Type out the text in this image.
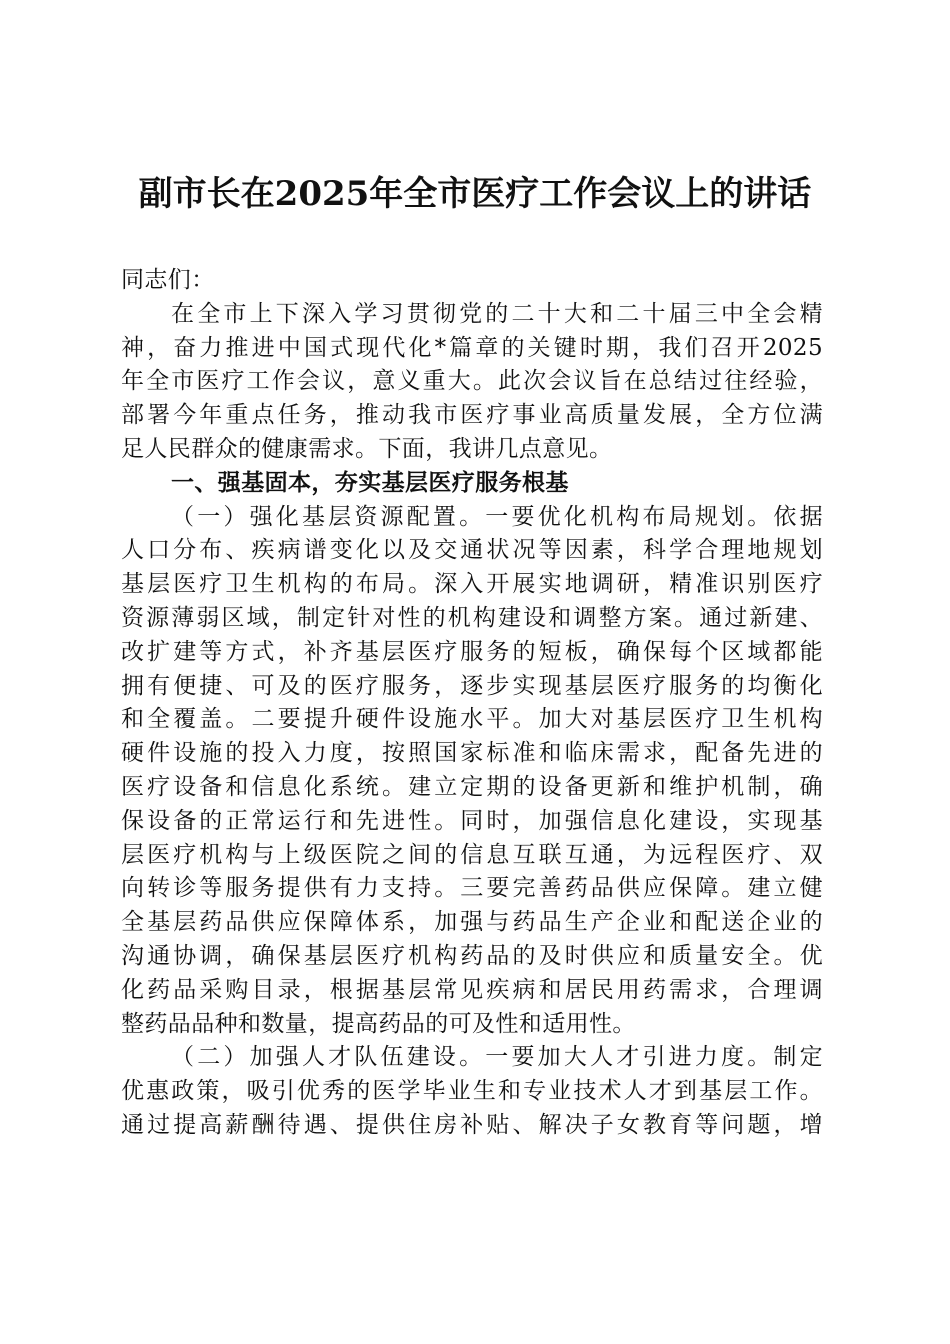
副市长在2025年全市医疗工作会议上的讲话
同志们：
在全市上下深入学习贯彻党的二十大和二十届三中全会精
神，奋力推进中国式现代化*篇章的关键时期，我们召开2025
年全市医疗工作会议，意义重大。此次会议旨在总结过往经验，
部署今年重点任务，推动我市医疗事业高质量发展，全方位满
足人民群众的健康需求。下面，我讲几点意见。
一、强基固本，夯实基层医疗服务根基
（一）强化基层资源配置。一要优化机构布局规划。依据
人口分布、疾病谱变化以及交通状况等因素，科学合理地规划
基层医疗卫生机构的布局。深入开展实地调研，精准识别医疗
资源薄弱区域，制定针对性的机构建设和调整方案。通过新建、
改扩建等方式，补齐基层医疗服务的短板，确保每个区域都能
拥有便捷、可及的医疗服务，逐步实现基层医疗服务的均衡化
和全覆盖。二要提升硬件设施水平。加大对基层医疗卫生机构
硬件设施的投入力度，按照国家标准和临床需求，配备先进的
医疗设备和信息化系统。建立定期的设备更新和维护机制，确
保设备的正常运行和先进性。同时，加强信息化建设，实现基
层医疗机构与上级医院之间的信息互联互通，为远程医疗、双
向转诊等服务提供有力支持。三要完善药品供应保障。建立健
全基层药品供应保障体系，加强与药品生产企业和配送企业的
沟通协调，确保基层医疗机构药品的及时供应和质量安全。优
化药品采购目录，根据基层常见疾病和居民用药需求，合理调
整药品品种和数量，提高药品的可及性和适用性。
（二）加强人才队伍建设。一要加大人才引进力度。制定
优惠政策，吸引优秀的医学毕业生和专业技术人才到基层工作。
通过提高薪酬待遇、提供住房补贴、解决子女教育等问题，增
